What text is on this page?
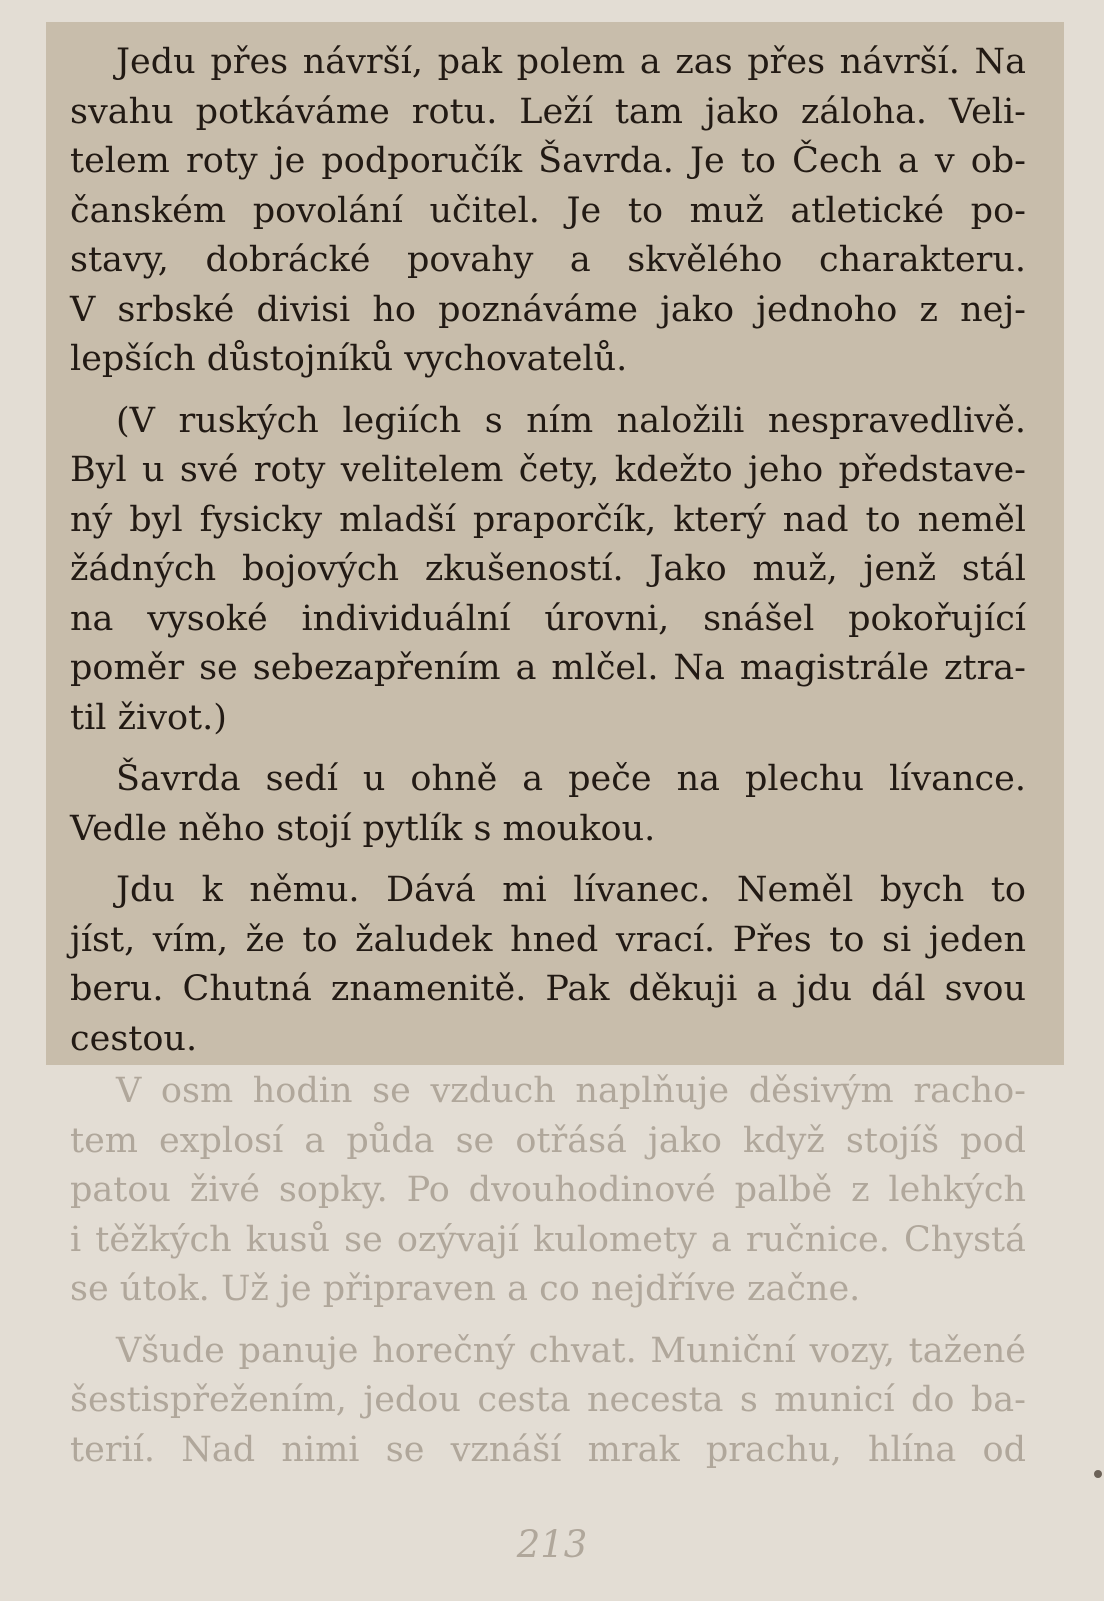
Jedu přes návrší, pak polem a zas přes návrší. Na
svahu potkáváme rotu. Leží tam jako záloha. Veli-
telem roty je podporučík Šavrda. Je to Čech a v ob-
čanském povolání učitel. Je to muž atletické po-
stavy, dobrácké povahy a skvělého charakteru.
V srbské divisi ho poznáváme jako jednoho z nej-
lepších důstojníků vychovatelů.
(V ruských legiích s ním naložili nespravedlivě.
Byl u své roty velitelem čety, kdežto jeho představe-
ný byl fysicky mladší praporčík, který nad to neměl
žádných bojových zkušeností. Jako muž, jenž stál
na vysoké individuální úrovni, snášel pokořující
poměr se sebezapřením a mlčel. Na magistrále ztra-
til život.)
Šavrda sedí u ohně a peče na plechu lívance.
Vedle něho stojí pytlík s moukou.
Jdu k němu. Dává mi lívanec. Neměl bych to
jíst, vím, že to žaludek hned vrací. Přes to si jeden
beru. Chutná znamenitě. Pak děkuji a jdu dál svou
cestou.
V osm hodin se vzduch naplňuje děsivým racho-
tem explosí a půda se otřásá jako když stojíš pod
patou živé sopky. Po dvouhodinové palbě z lehkých
i těžkých kusů se ozývají kulomety a ručnice. Chystá
se útok. Už je připraven a co nejdříve začne.
Všude panuje horečný chvat. Muniční vozy, tažené
šestispřežením, jedou cesta necesta s municí do ba-
terií. Nad nimi se vznáší mrak prachu, hlína od
213
